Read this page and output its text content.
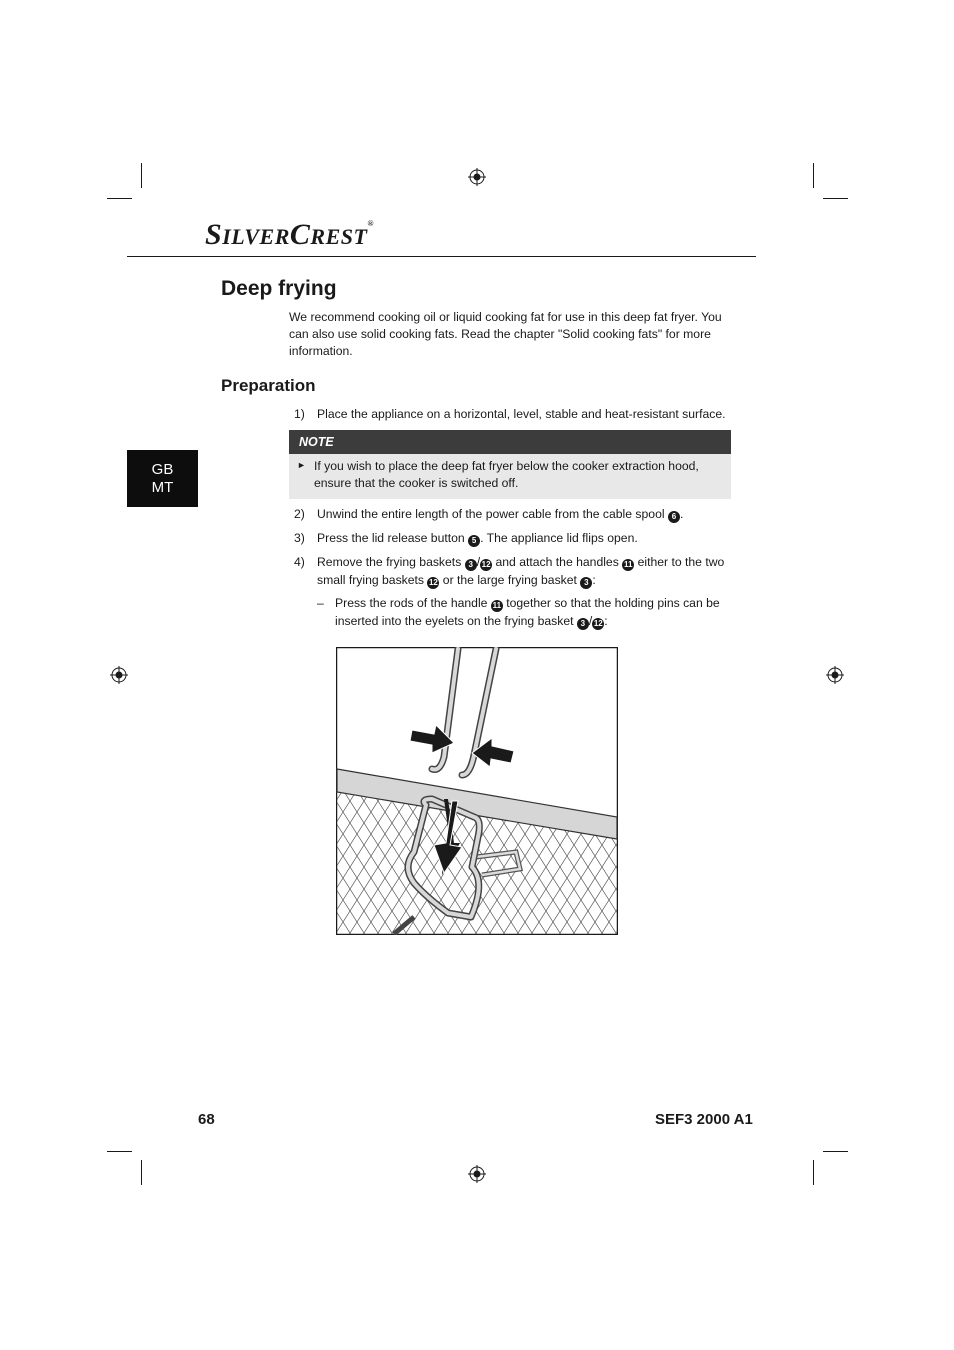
SILVERCREST®
GB
MT
Deep frying
We recommend cooking oil or liquid cooking fat for use in this deep fat fryer. You can also use solid cooking fats. Read the chapter "Solid cooking fats" for more information.
Preparation
1) Place the appliance on a horizontal, level, stable and heat-resistant surface.
NOTE
► If you wish to place the deep fat fryer below the cooker extraction hood, ensure that the cooker is switched off.
2) Unwind the entire length of the power cable from the cable spool 6 .
3) Press the lid release button 5 . The appliance lid flips open.
4) Remove the frying baskets 3 / 12 and attach the handles 11 either to the two
small frying baskets 12 or the large frying basket 3 :
– Press the rods of the handle 11 together so that the holding pins can be
inserted into the eyelets on the frying basket 3 / 12 :
68	SEF3 2000 A1
